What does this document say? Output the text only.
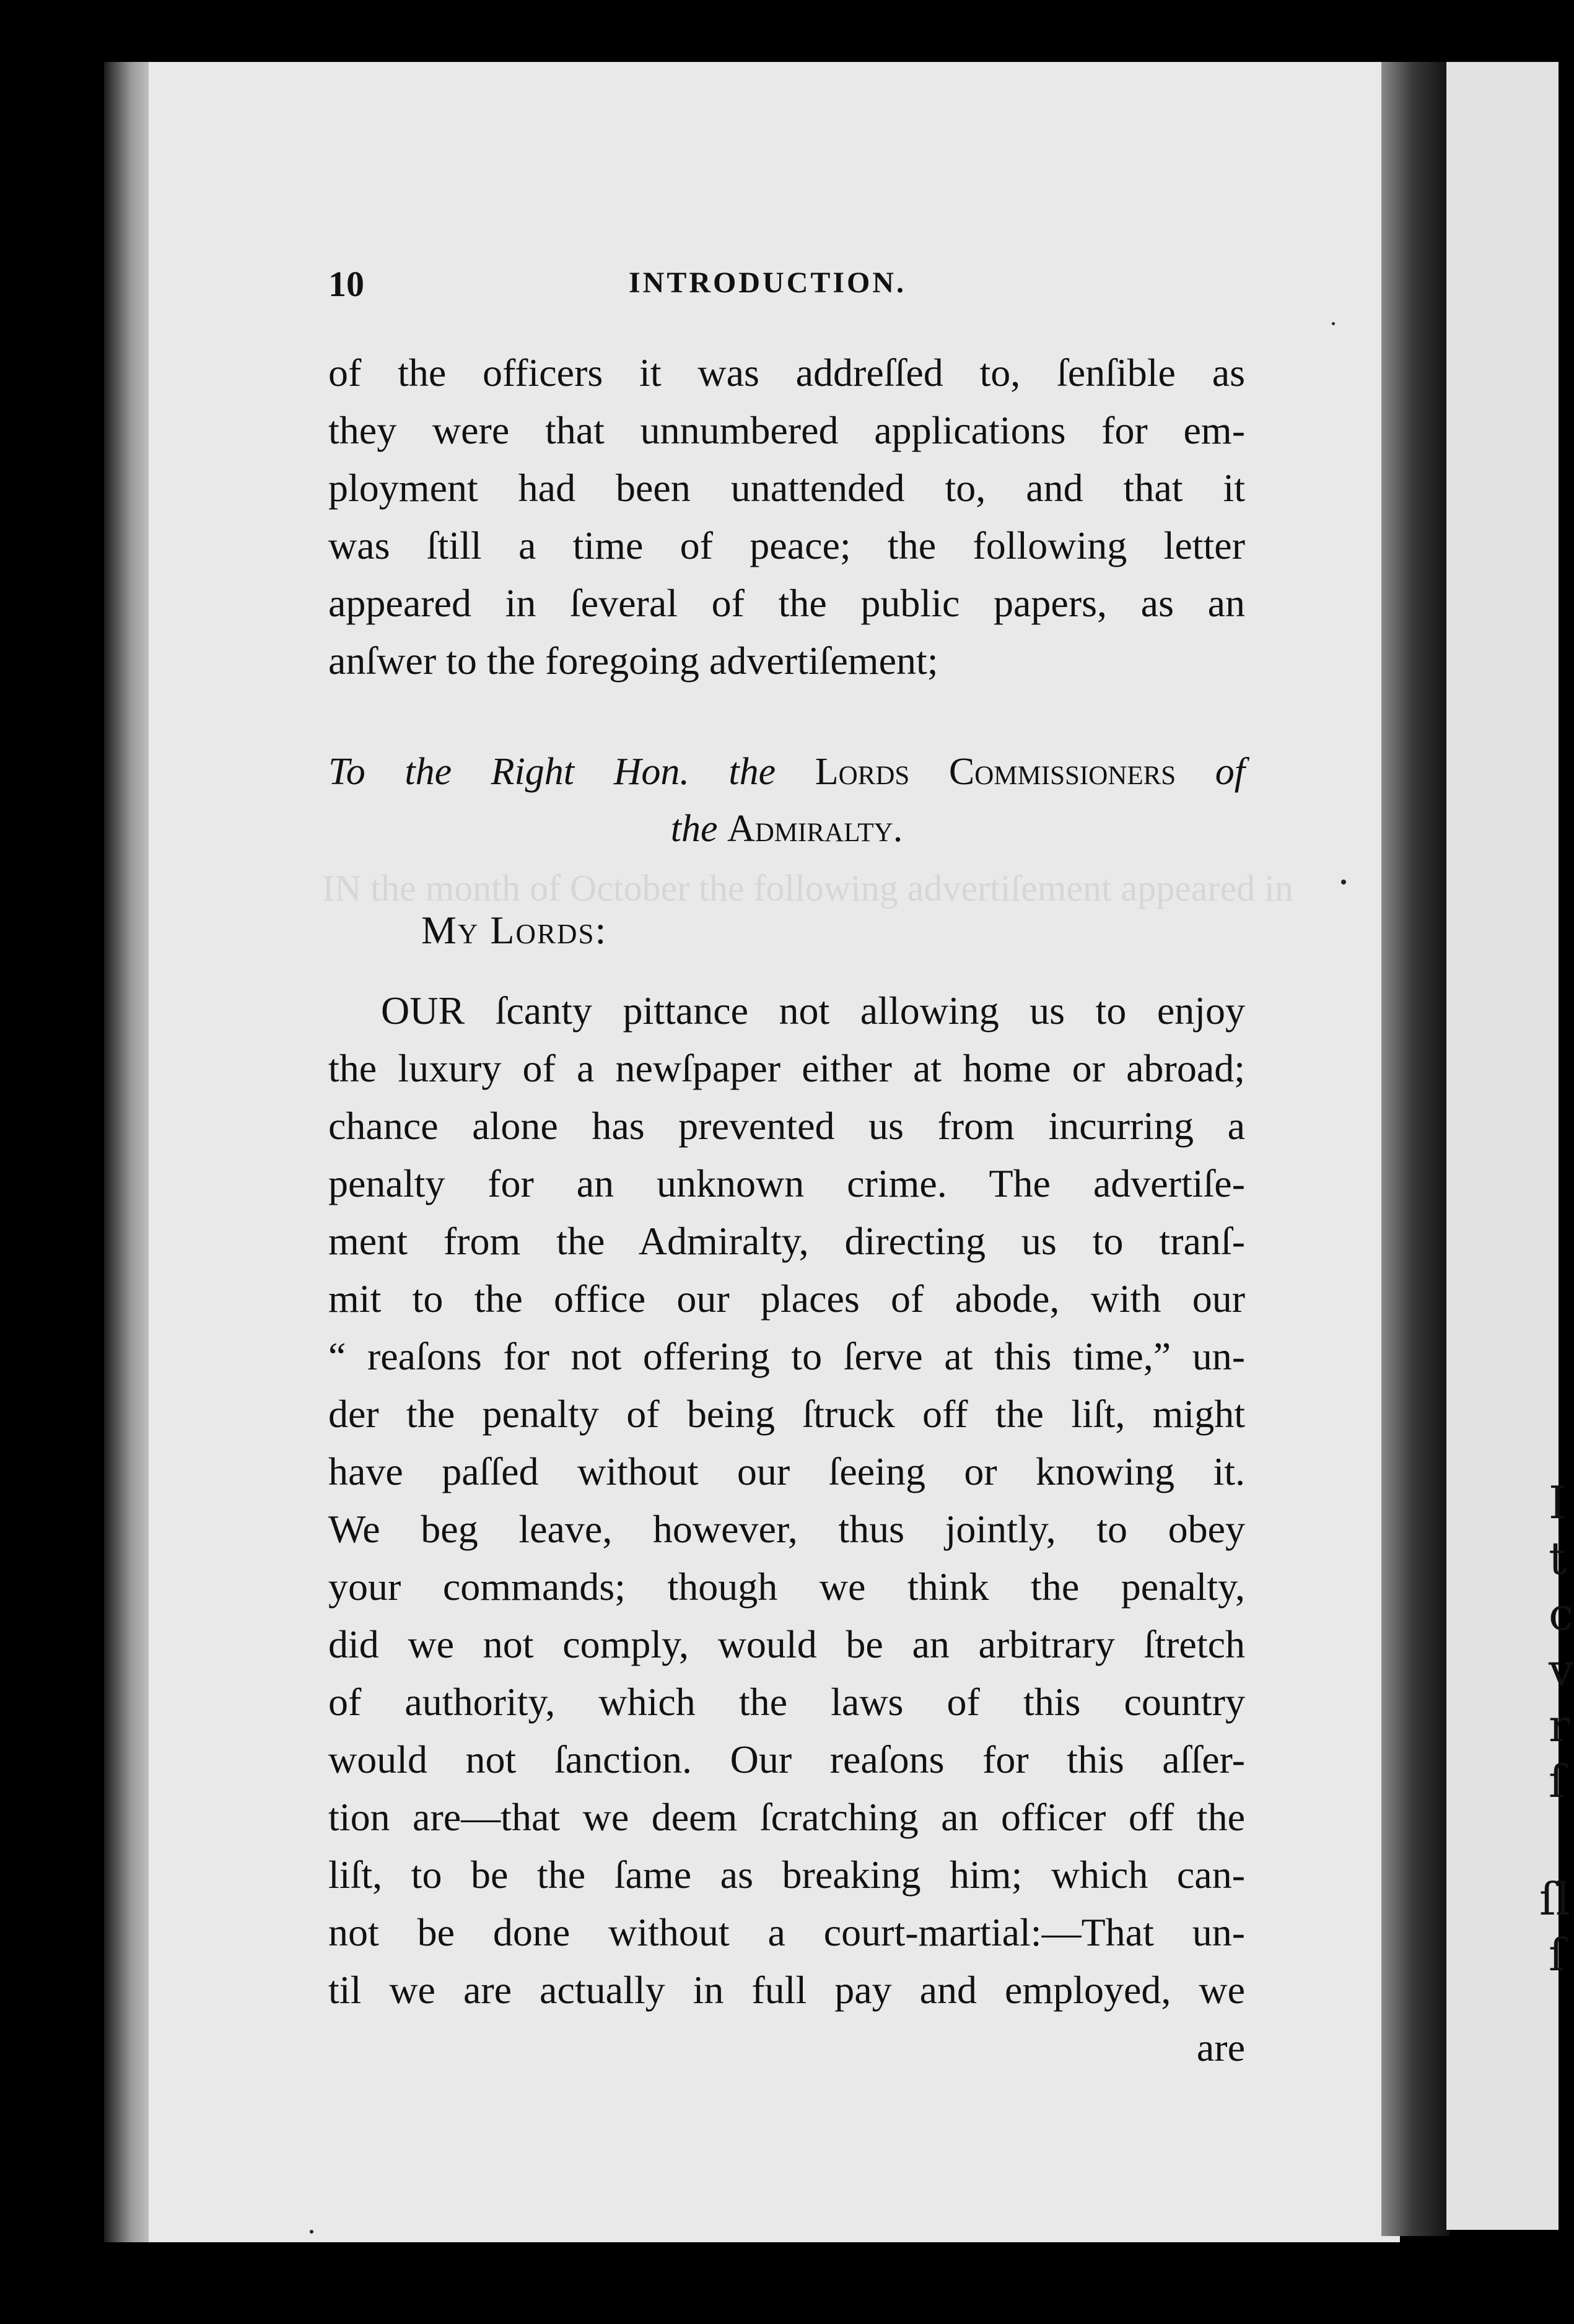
I
t
c
v
r
ſ
ſl
ſ
IN the month of October the following advertiſement appeared in
10	INTRODUCTION.
of the officers it was addreſſed to, ſenſible as
they were that unnumbered applications for em-
ployment had been unattended to, and that it
was ſtill a time of peace; the following letter
appeared in ſeveral of the public papers, as an
anſwer to the foregoing advertiſement;
To the Right Hon. the Lords Commissioners of
the Admiralty.
My Lords:
OUR ſcanty pittance not allowing us to enjoy
the luxury of a newſpaper either at home or abroad;
chance alone has prevented us from incurring a
penalty for an unknown crime. The advertiſe-
ment from the Admiralty, directing us to tranſ-
mit to the office our places of abode, with our
“ reaſons for not offering to ſerve at this time,” un-
der the penalty of being ſtruck off the liſt, might
have paſſed without our ſeeing or knowing it.
We beg leave, however, thus jointly, to obey
your commands; though we think the penalty,
did we not comply, would be an arbitrary ſtretch
of authority, which the laws of this country
would not ſanction. Our reaſons for this aſſer-
tion are—that we deem ſcratching an officer off the
liſt, to be the ſame as breaking him; which can-
not be done without a court-martial:—That un-
til we are actually in full pay and employed, we
are
